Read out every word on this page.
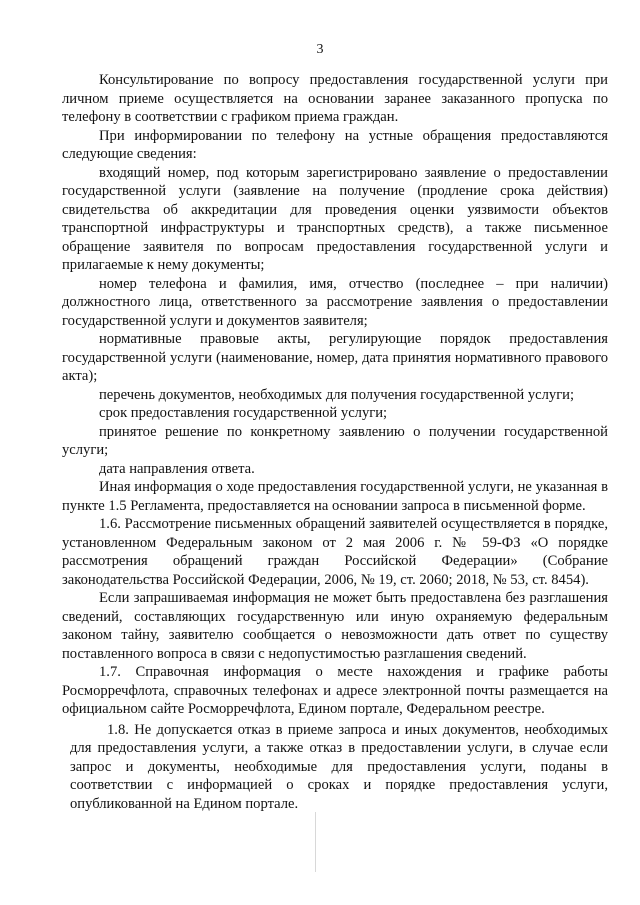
3

Консультирование по вопросу предоставления государственной услуги при личном приеме осуществляется на основании заранее заказанного пропуска по телефону в соответствии с графиком приема граждан.

При информировании по телефону на устные обращения предоставляются следующие сведения:

входящий номер, под которым зарегистрировано заявление о предоставлении государственной услуги (заявление на получение (продление срока действия) свидетельства об аккредитации для проведения оценки уязвимости объектов транспортной инфраструктуры и транспортных средств), а также письменное обращение заявителя по вопросам предоставления государственной услуги и прилагаемые к нему документы;

номер телефона и фамилия, имя, отчество (последнее – при наличии) должностного лица, ответственного за рассмотрение заявления о предоставлении государственной услуги и документов заявителя;

нормативные правовые акты, регулирующие порядок предоставления государственной услуги (наименование, номер, дата принятия нормативного правового акта);

перечень документов, необходимых для получения государственной услуги;

срок предоставления государственной услуги;

принятое решение по конкретному заявлению о получении государственной услуги;

дата направления ответа.

Иная информация о ходе предоставления государственной услуги, не указанная в пункте 1.5 Регламента, предоставляется на основании запроса в письменной форме.

1.6. Рассмотрение письменных обращений заявителей осуществляется в порядке, установленном Федеральным законом от 2 мая 2006 г. № 59-ФЗ «О порядке рассмотрения обращений граждан Российской Федерации» (Собрание законодательства Российской Федерации, 2006, № 19, ст. 2060; 2018, № 53, ст. 8454).

Если запрашиваемая информация не может быть предоставлена без разглашения сведений, составляющих государственную или иную охраняемую федеральным законом тайну, заявителю сообщается о невозможности дать ответ по существу поставленного вопроса в связи с недопустимостью разглашения сведений.

1.7. Справочная информация о месте нахождения и графике работы Росморречфлота, справочных телефонах и адресе электронной почты размещается на официальном сайте Росморречфлота, Едином портале, Федеральном реестре.

1.8. Не допускается отказ в приеме запроса и иных документов, необходимых для предоставления услуги, а также отказ в предоставлении услуги, в случае если запрос и документы, необходимые для предоставления услуги, поданы в соответствии с информацией о сроках и порядке предоставления услуги, опубликованной на Едином портале.
